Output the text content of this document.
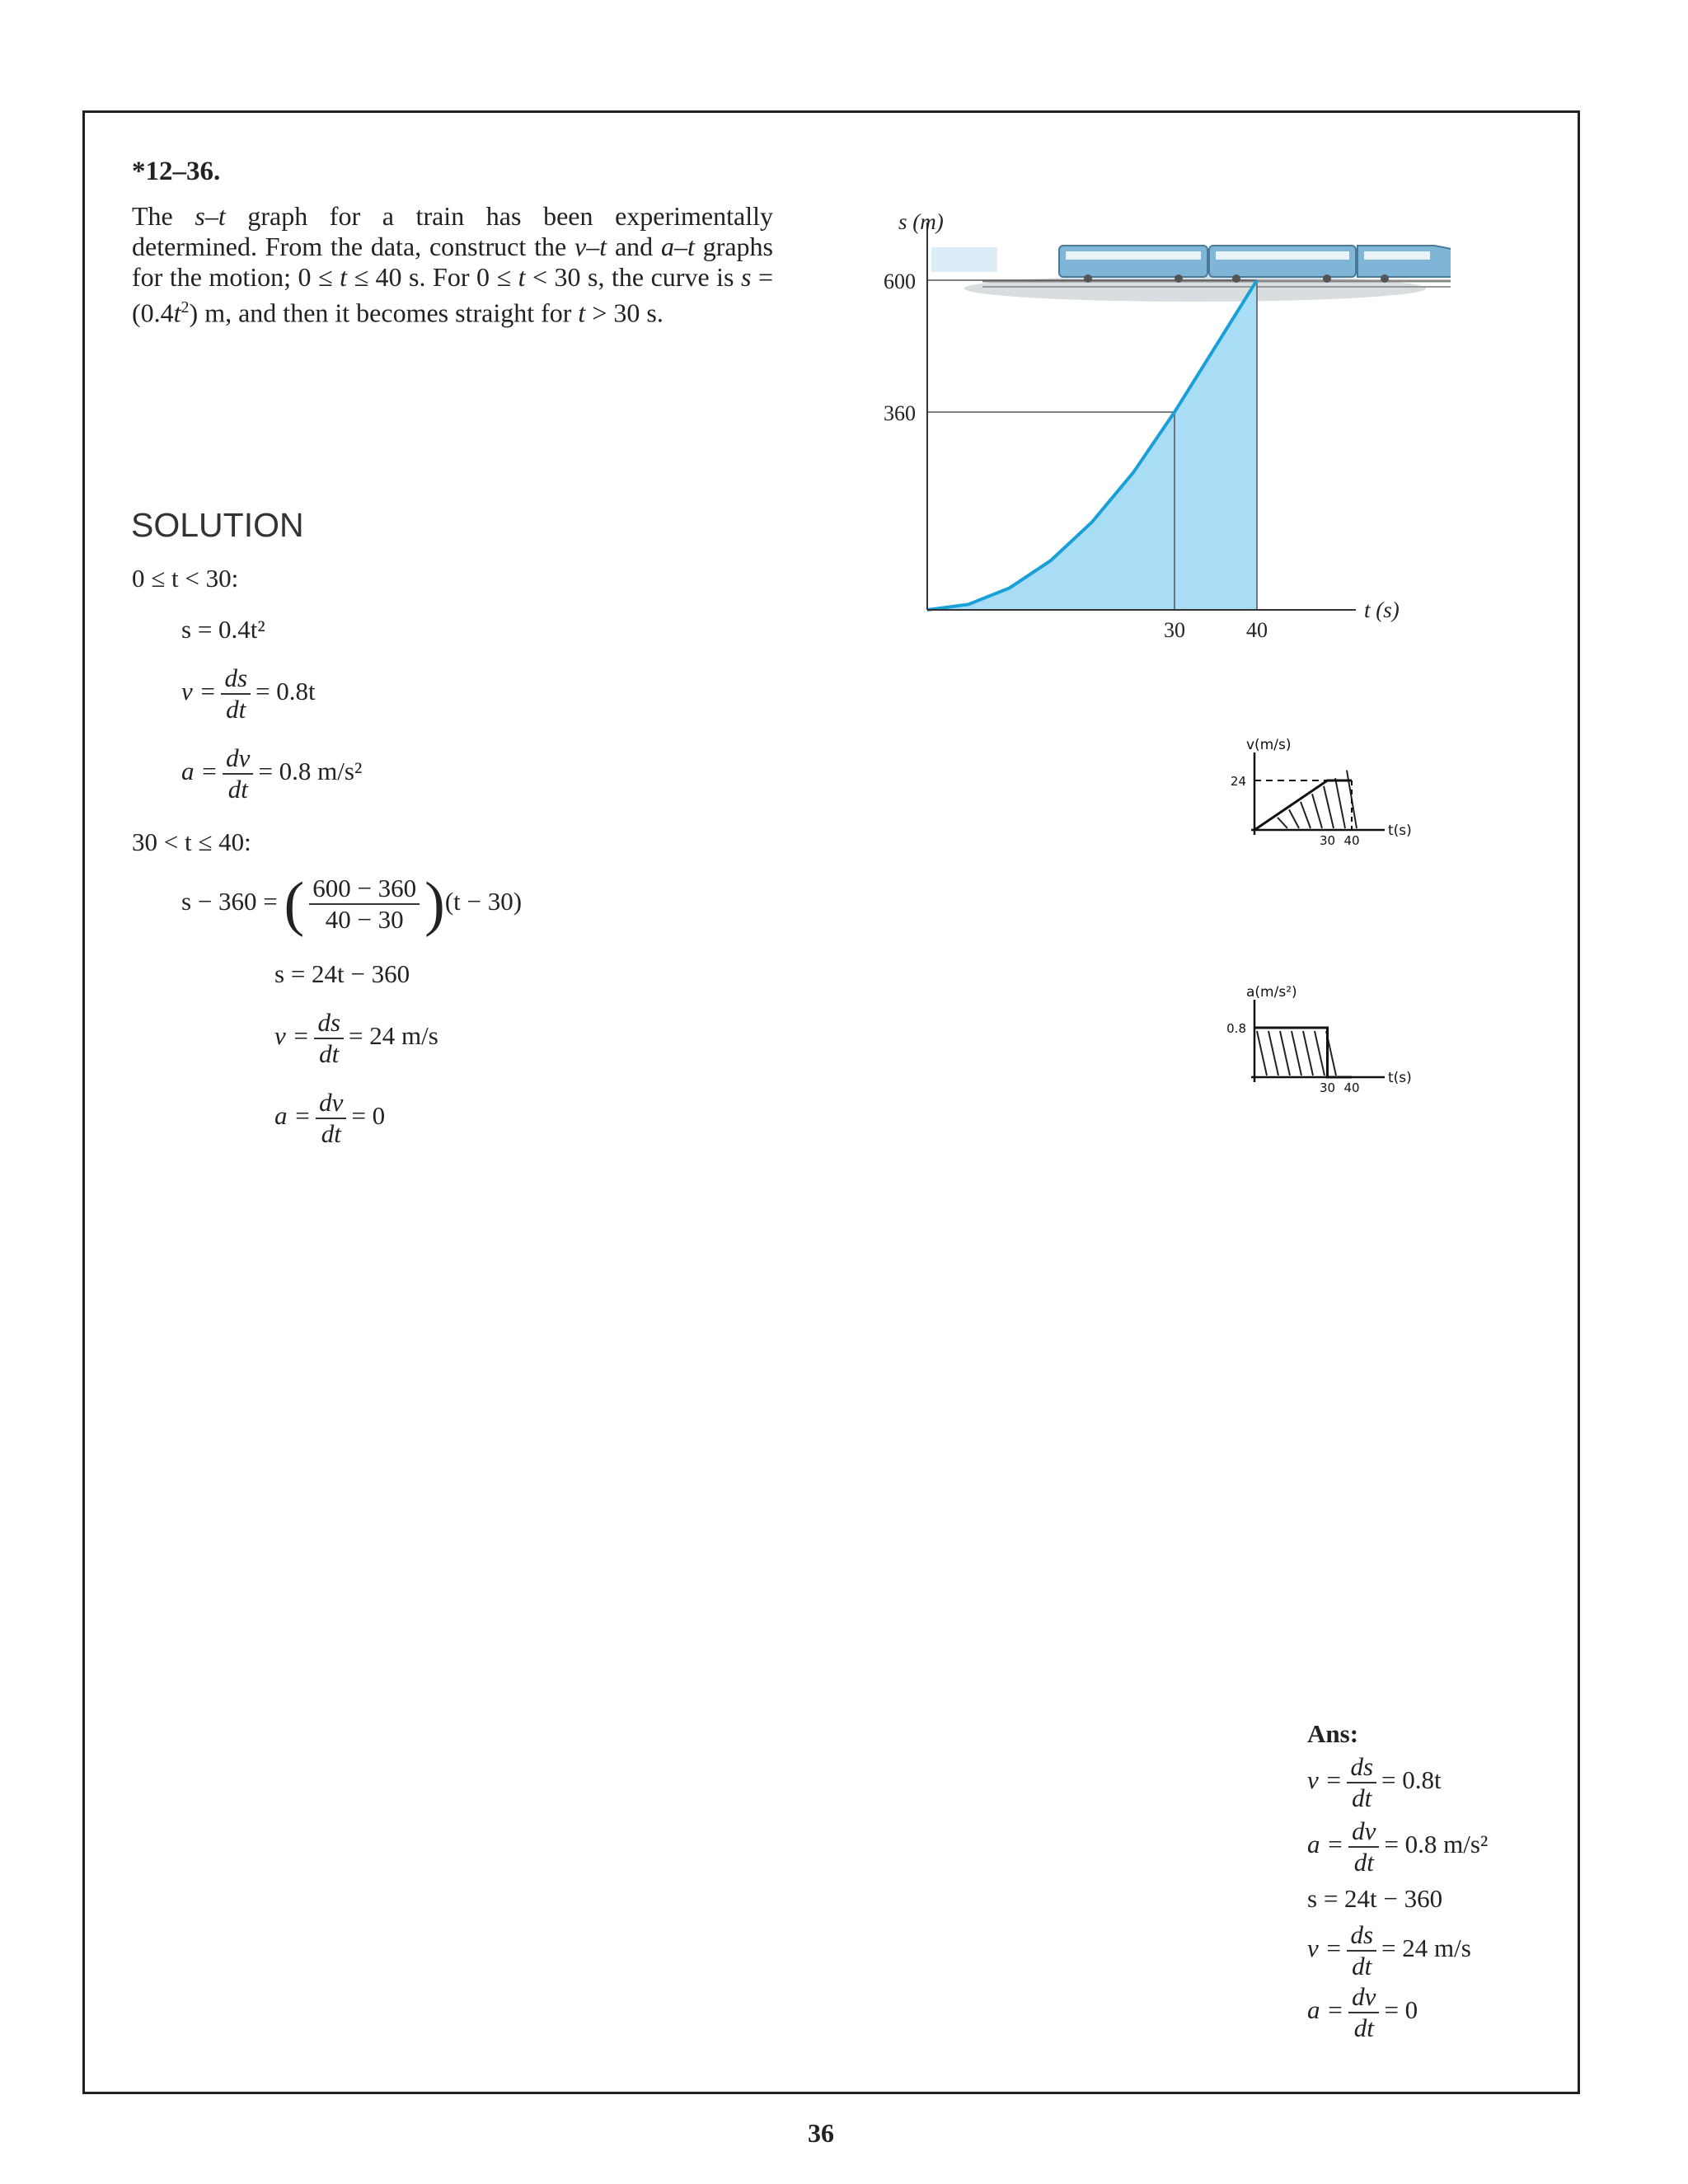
*12–36.
The s–t graph for a train has been experimentally determined. From the data, construct the v–t and a–t graphs for the motion; 0 ≤ t ≤ 40 s. For 0 ≤ t < 30 s, the curve is $s = (0.4t^2)$ m, and then it becomes straight for t > 30 s.
SOLUTION
0 ≤ t < 30:
s = 0.4t²
$v = \frac{ds}{dt} = 0.8t$
$a = \frac{dv}{dt} = 0.8$ m/s²
30 < t ≤ 40:
s − 360 = ( $\frac{600 - 360}{40 - 30} )(t - 30)$
s = 24t − 360
$v = \frac{ds}{dt} = 24$ m/s
$a = \frac{dv}{dt} = 0$
360
600
30	40
s (m)
t (s)
v(m/s)
24
30 40
t(s)
a(m/s²)
0.8
30 40
t(s)
Ans:
$v = \frac{ds}{dt} = 0.8t$
$a = \frac{dv}{dt} = 0.8$ m/s²
s = 24t − 360
$v = \frac{ds}{dt} = 24$ m/s
$a = \frac{dv}{dt} = 0$
36
